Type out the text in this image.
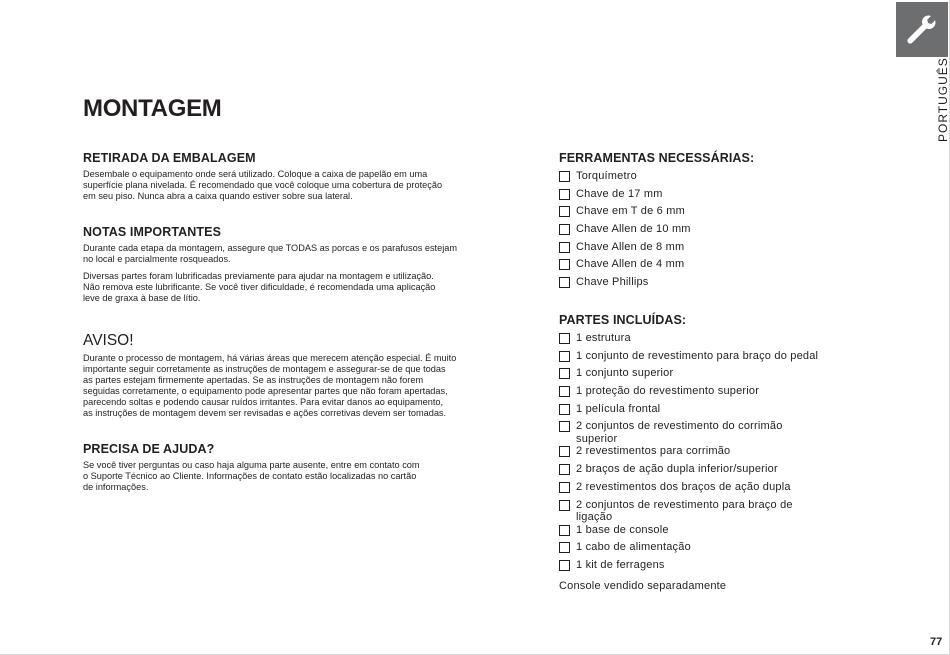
PORTUGUÊS
MONTAGEM
RETIRADA DA EMBALAGEM
Desembale o equipamento onde será utilizado. Coloque a caixa de papelão em uma
superfície plana nivelada. É recomendado que você coloque uma cobertura de proteção
em seu piso. Nunca abra a caixa quando estiver sobre sua lateral.
NOTAS IMPORTANTES
Durante cada etapa da montagem, assegure que TODAS as porcas e os parafusos estejam
no local e parcialmente rosqueados.
Diversas partes foram lubrificadas previamente para ajudar na montagem e utilização.
Não remova este lubrificante. Se você tiver dificuldade, é recomendada uma aplicação
leve de graxa à base de lítio.
AVISO!
Durante o processo de montagem, há várias áreas que merecem atenção especial. É muito
importante seguir corretamente as instruções de montagem e assegurar-se de que todas
as partes estejam firmemente apertadas. Se as instruções de montagem não forem
seguidas corretamente, o equipamento pode apresentar partes que não foram apertadas,
parecendo soltas e podendo causar ruídos irritantes. Para evitar danos ao equipamento,
as instruções de montagem devem ser revisadas e ações corretivas devem ser tomadas.
PRECISA DE AJUDA?
Se você tiver perguntas ou caso haja alguma parte ausente, entre em contato com
o Suporte Técnico ao Cliente. Informações de contato estão localizadas no cartão
de informações.
FERRAMENTAS NECESSÁRIAS:
Torquímetro
Chave de 17 mm
Chave em T de 6 mm
Chave Allen de 10 mm
Chave Allen de 8 mm
Chave Allen de 4 mm
Chave Phillips
PARTES INCLUÍDAS:
1 estrutura
1 conjunto de revestimento para braço do pedal
1 conjunto superior
1 proteção do revestimento superior
1 película frontal
2 conjuntos de revestimento do corrimão
superior
2 revestimentos para corrimão
2 braços de ação dupla inferior/superior
2 revestimentos dos braços de ação dupla
2 conjuntos de revestimento para braço de
ligação
1 base de console
1 cabo de alimentação
1 kit de ferragens
Console vendido separadamente
77
